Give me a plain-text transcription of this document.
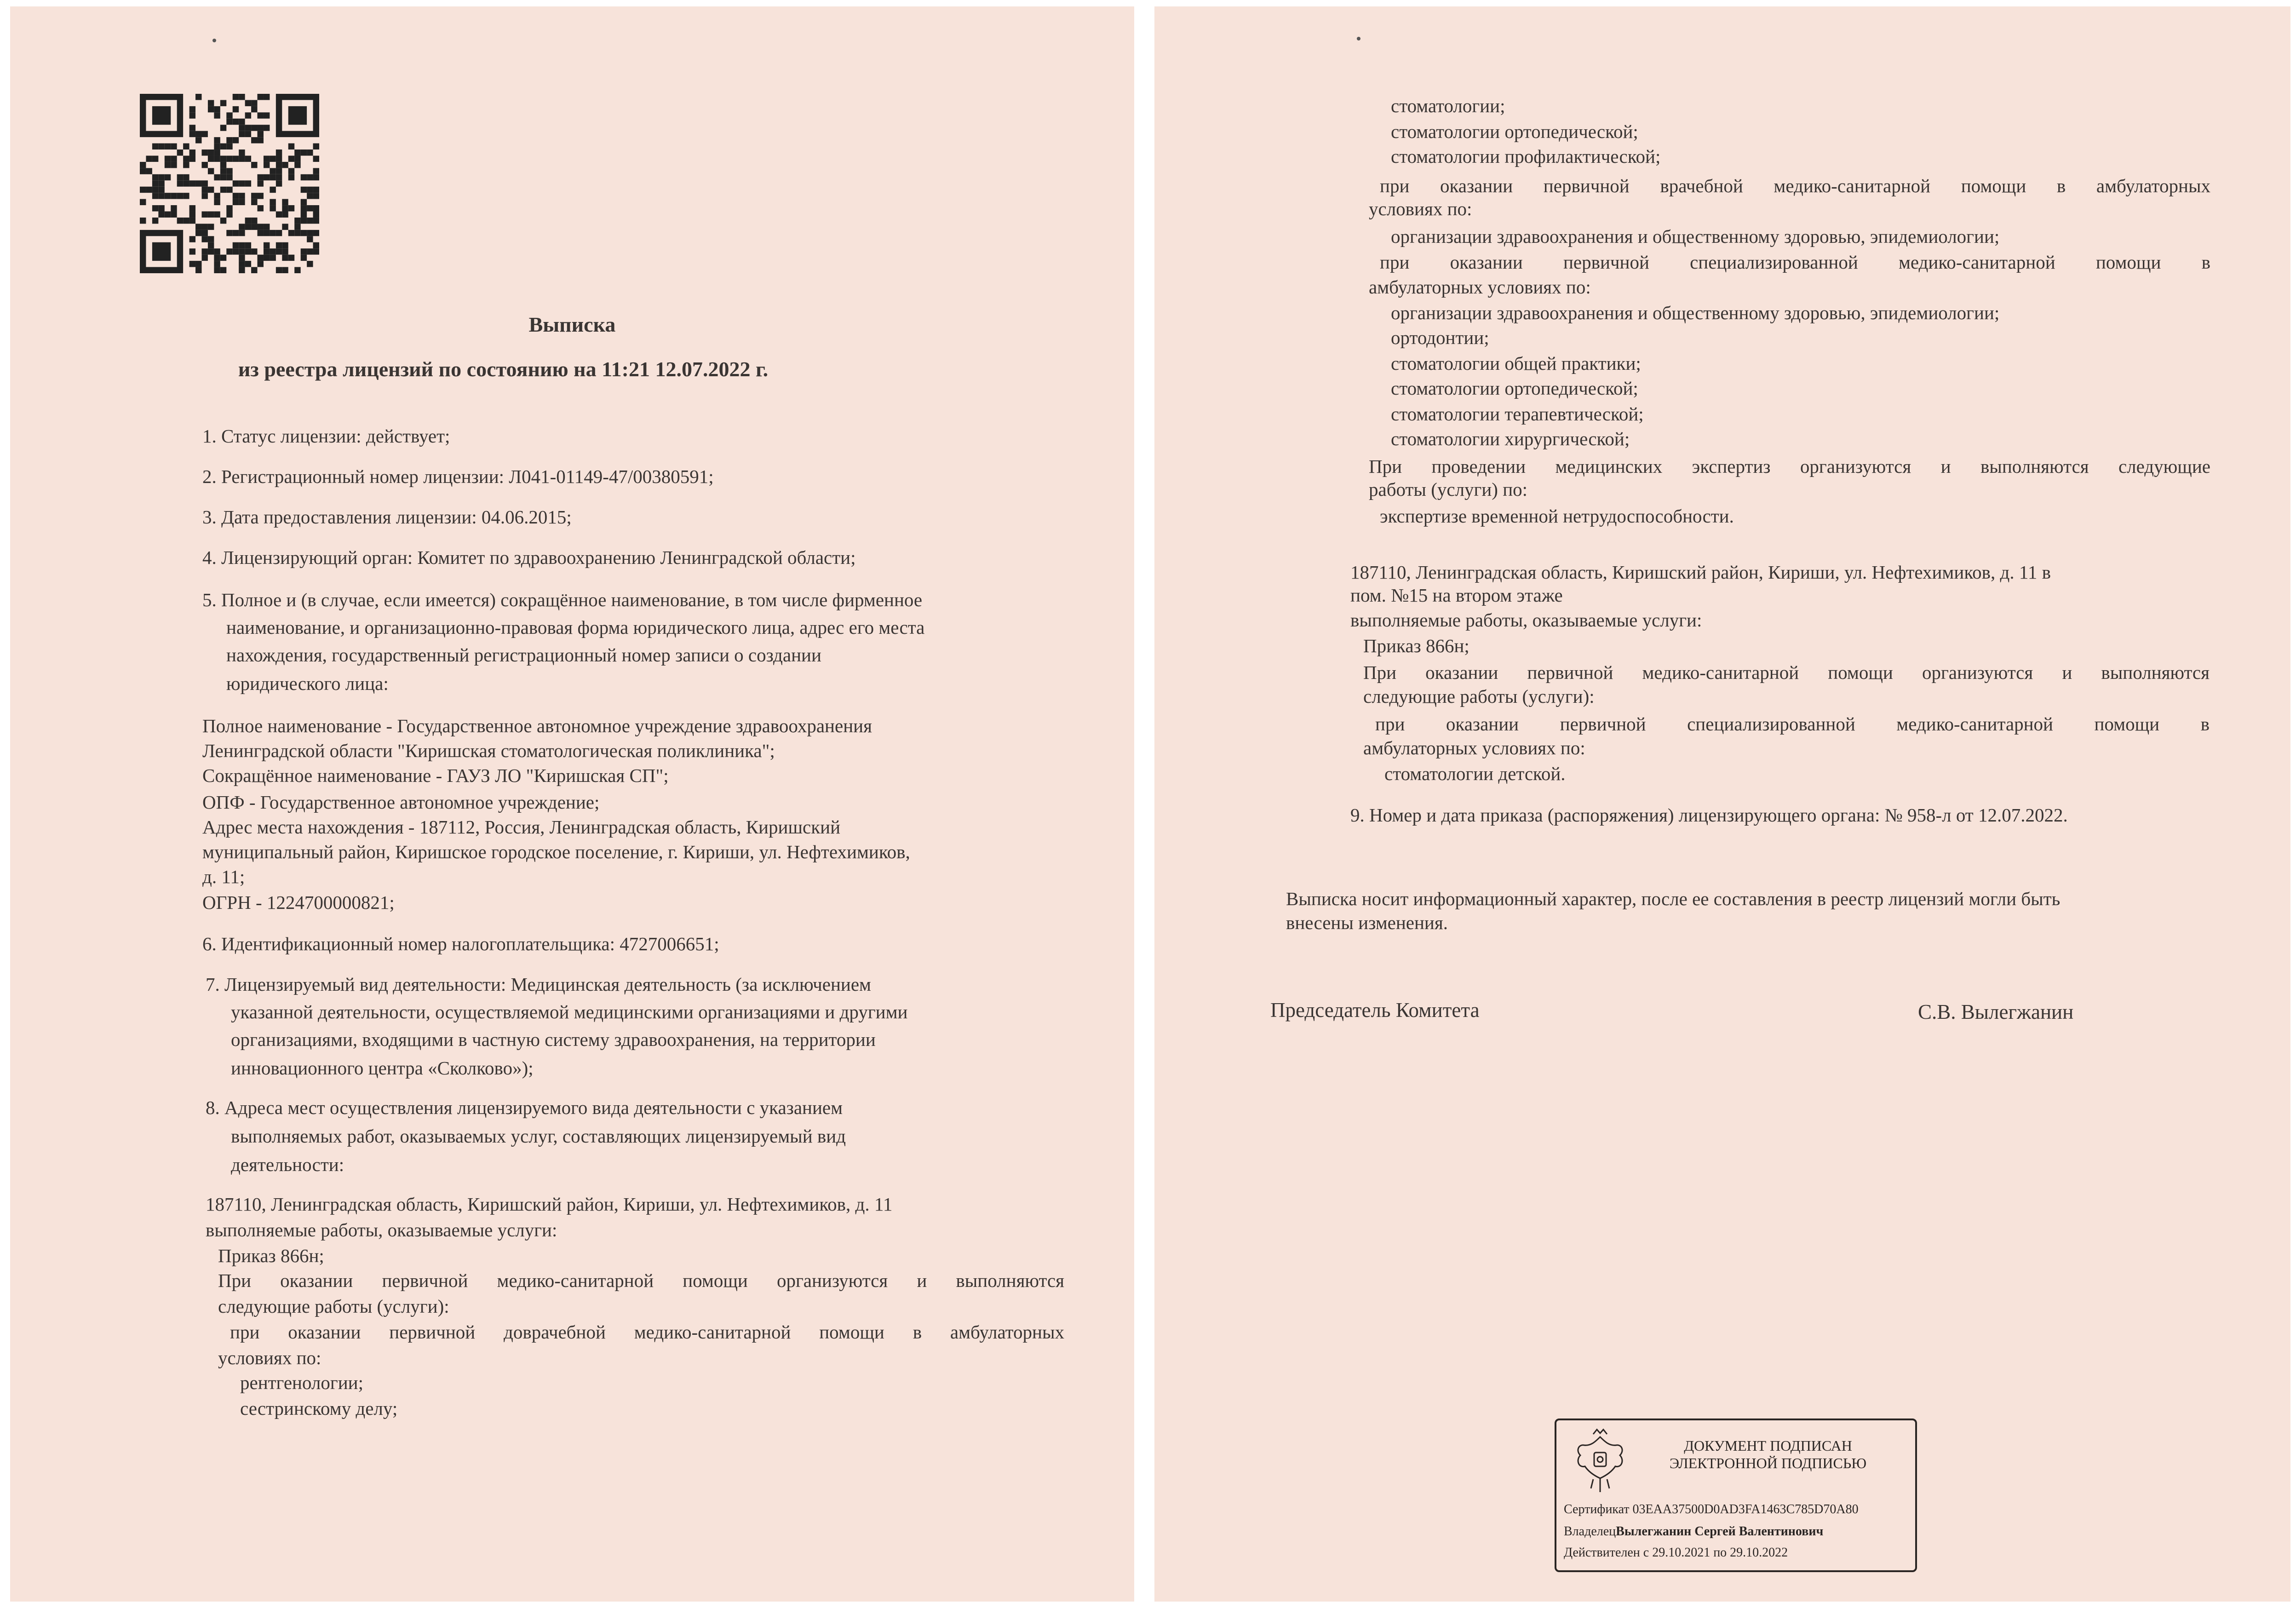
Выписка
из реестра лицензий по состоянию на 11:21 12.07.2022 г.
1. Статус лицензии: действует;
2. Регистрационный номер лицензии: Л041-01149-47/00380591;
3. Дата предоставления лицензии: 04.06.2015;
4. Лицензирующий орган: Комитет по здравоохранению Ленинградской области;
5. Полное и (в случае, если имеется) сокращённое наименование, в том числе фирменное
наименование, и организационно-правовая форма юридического лица, адрес его места
нахождения, государственный регистрационный номер записи о создании
юридического лица:
Полное наименование - Государственное автономное учреждение здравоохранения
Ленинградской области "Киришская стоматологическая поликлиника";
Сокращённое наименование - ГАУЗ ЛО "Киришская СП";
ОПФ - Государственное автономное учреждение;
Адрес места нахождения - 187112, Россия, Ленинградская область, Киришский
муниципальный район, Киришское городское поселение, г. Кириши, ул. Нефтехимиков,
д. 11;
ОГРН - 1224700000821;
6. Идентификационный номер налогоплательщика: 4727006651;
7. Лицензируемый вид деятельности: Медицинская деятельность (за исключением
указанной деятельности, осуществляемой медицинскими организациями и другими
организациями, входящими в частную систему здравоохранения, на территории
инновационного центра «Сколково»);
8. Адреса мест осуществления лицензируемого вида деятельности с указанием
выполняемых работ, оказываемых услуг, составляющих лицензируемый вид
деятельности:
187110, Ленинградская область, Киришский район, Кириши, ул. Нефтехимиков, д. 11
выполняемые работы, оказываемые услуги:
Приказ 866н;
При оказании первичной медико-санитарной помощи организуются и выполняются
следующие работы (услуги):
при оказании первичной доврачебной медико-санитарной помощи в амбулаторных
условиях по:
рентгенологии;
сестринскому делу;
стоматологии;
стоматологии ортопедической;
стоматологии профилактической;
при оказании первичной врачебной медико-санитарной помощи в амбулаторных
условиях по:
организации здравоохранения и общественному здоровью, эпидемиологии;
при оказании первичной специализированной медико-санитарной помощи в
амбулаторных условиях по:
организации здравоохранения и общественному здоровью, эпидемиологии;
ортодонтии;
стоматологии общей практики;
стоматологии ортопедической;
стоматологии терапевтической;
стоматологии хирургической;
При проведении медицинских экспертиз организуются и выполняются следующие
работы (услуги) по:
экспертизе временной нетрудоспособности.
187110, Ленинградская область, Киришский район, Кириши, ул. Нефтехимиков, д. 11 в
пом. №15 на втором этаже
выполняемые работы, оказываемые услуги:
Приказ 866н;
При оказании первичной медико-санитарной помощи организуются и выполняются
следующие работы (услуги):
при оказании первичной специализированной медико-санитарной помощи в
амбулаторных условиях по:
стоматологии детской.
9. Номер и дата приказа (распоряжения) лицензирующего органа: № 958-л от 12.07.2022.
Выписка носит информационный характер, после ее составления в реестр лицензий могли быть
внесены изменения.
Председатель Комитета	С.В. Вылегжанин
ДОКУМЕНТ ПОДПИСАН
ЭЛЕКТРОННОЙ ПОДПИСЬЮ
Сертификат 03EAA37500D0AD3FA1463C785D70A80
ВладелецВылегжанин Сергей Валентинович
Действителен с 29.10.2021 по 29.10.2022
